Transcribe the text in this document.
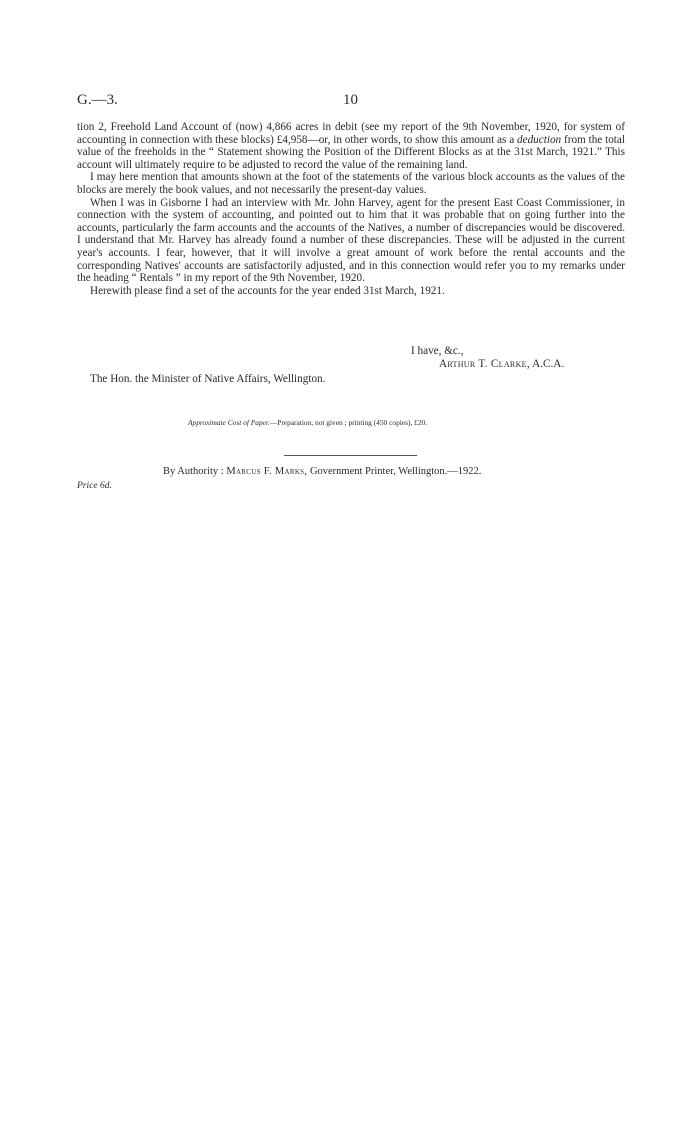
G.—3.	10

tion 2, Freehold Land Account of (now) 4,866 acres in debit (see my report of the 9th November, 1920, for system of accounting in connection with these blocks) £4,958—or, in other words, to show this amount as a deduction from the total value of the freeholds in the “ Statement showing the Position of the Different Blocks as at the 31st March, 1921.” This account will ultimately require to be adjusted to record the value of the remaining land.

I may here mention that amounts shown at the foot of the statements of the various block accounts as the values of the blocks are merely the book values, and not necessarily the present-day values.

When I was in Gisborne I had an interview with Mr. John Harvey, agent for the present East Coast Commissioner, in connection with the system of accounting, and pointed out to him that it was probable that on going further into the accounts, particularly the farm accounts and the accounts of the Natives, a number of discrepancies would be discovered. I understand that Mr. Harvey has already found a number of these discrepancies. These will be adjusted in the current year's accounts. I fear, however, that it will involve a great amount of work before the rental accounts and the corresponding Natives' accounts are satisfactorily adjusted, and in this connection would refer you to my remarks under the heading “ Rentals ” in my report of the 9th November, 1920.

Herewith please find a set of the accounts for the year ended 31st March, 1921.

I have, &c.,
Arthur T. Clarke, A.C.A.
The Hon. the Minister of Native Affairs, Wellington.
Approximate Cost of Paper.—Preparation, not given ; printing (450 copies), £20.
By Authority : Marcus F. Marks, Government Printer, Wellington.—1922.
Price 6d.
